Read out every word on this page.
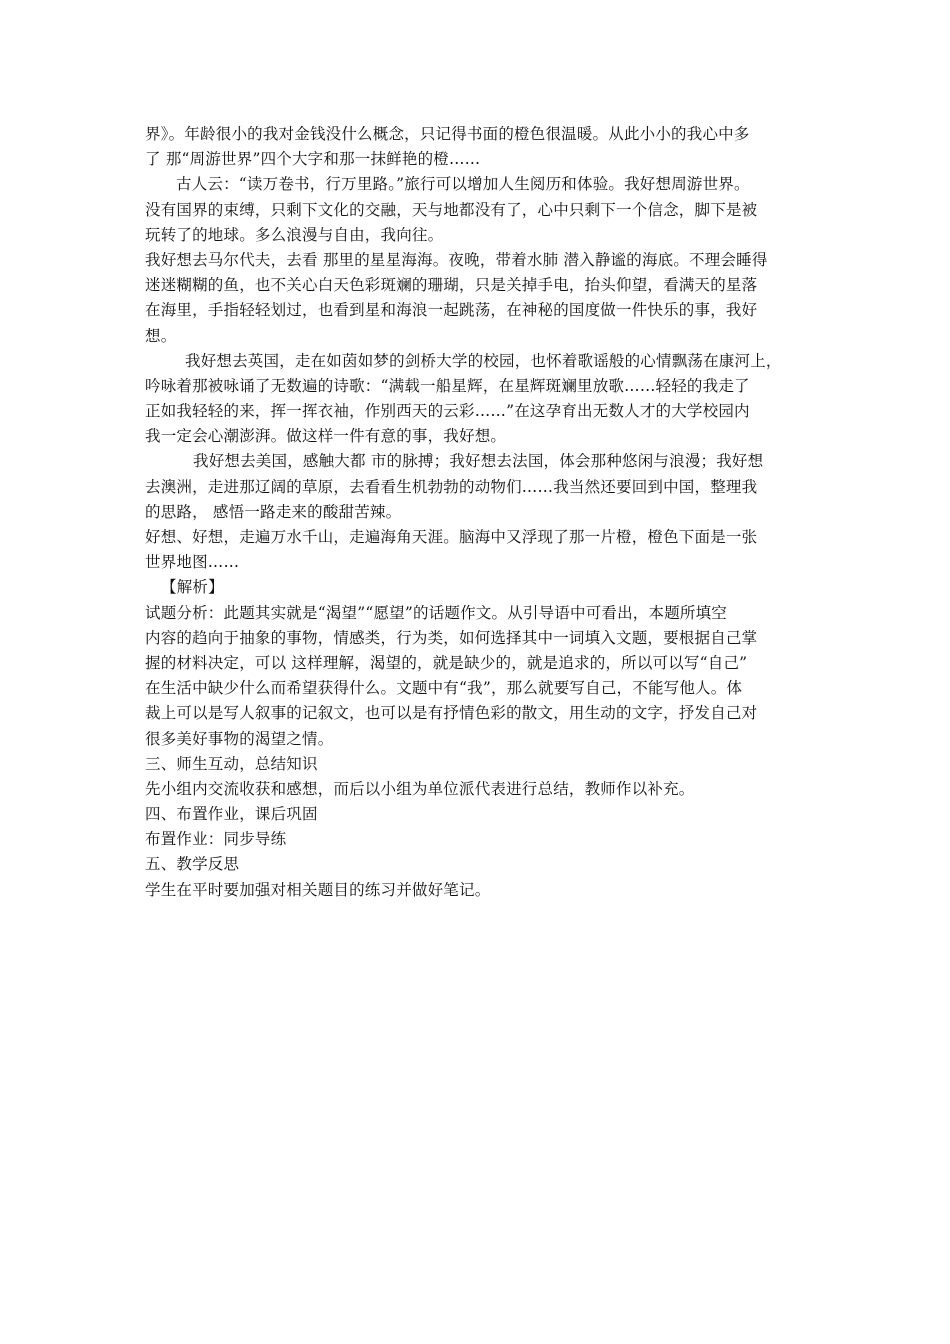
界》。年龄很小的我对金钱没什么概念，只记得书面的橙色很温暖。从此小小的我心中多
了 那“周游世界”四个大字和那一抹鲜艳的橙……
古人云：“读万卷书，行万里路。”旅行可以增加人生阅历和体验。我好想周游世界。
没有国界的束缚，只剩下文化的交融，天与地都没有了，心中只剩下一个信念，脚下是被
玩转了的地球。多么浪漫与自由，我向往。
我好想去马尔代夫，去看 那里的星星海海。夜晚，带着水肺 潜入静谧的海底。不理会睡得
迷迷糊糊的鱼，也不关心白天色彩斑斓的珊瑚，只是关掉手电，抬头仰望，看满天的星落
在海里，手指轻轻划过，也看到星和海浪一起跳荡，在神秘的国度做一件快乐的事，我好
想。
我好想去英国，走在如茵如梦的剑桥大学的校园，也怀着歌谣般的心情飘荡在康河上，
吟咏着那被咏诵了无数遍的诗歌：“满载一船星辉，在星辉斑斓里放歌……轻轻的我走了
正如我轻轻的来，挥一挥衣袖，作别西天的云彩……”在这孕育出无数人才的大学校园内
我一定会心潮澎湃。做这样一件有意的事，我好想。
我好想去美国，感触大都 市的脉搏；我好想去法国，体会那种悠闲与浪漫；我好想
去澳洲，走进那辽阔的草原，去看看生机勃勃的动物们……我当然还要回到中国，整理我
的思路， 感悟一路走来的酸甜苦辣。
好想、好想，走遍万水千山，走遍海角天涯。脑海中又浮现了那一片橙，橙色下面是一张
世界地图……
【解析】
试题分析：此题其实就是“渴望”“愿望”的话题作文。从引导语中可看出，本题所填空
内容的趋向于抽象的事物，情感类，行为类，如何选择其中一词填入文题，要根据自己掌
握的材料决定，可以 这样理解，渴望的，就是缺少的，就是追求的，所以可以写“自己”
在生活中缺少什么而希望获得什么。文题中有“我”，那么就要写自己，不能写他人。体
裁上可以是写人叙事的记叙文，也可以是有抒情色彩的散文，用生动的文字，抒发自己对
很多美好事物的渴望之情。
三、师生互动，总结知识
先小组内交流收获和感想，而后以小组为单位派代表进行总结，教师作以补充。
四、布置作业，课后巩固
布置作业：同步导练
五、教学反思
学生在平时要加强对相关题目的练习并做好笔记。
